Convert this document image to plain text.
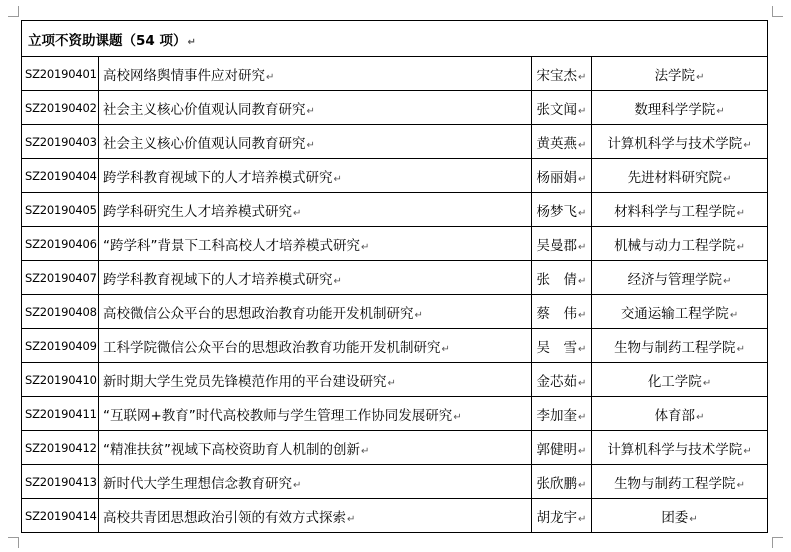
立项不资助课题（54 项）↵			
SZ20190401	高校网络舆情事件应对研究↵	宋宝杰↵	法学院↵
SZ20190402	社会主义核心价值观认同教育研究↵	张文闻↵	数理科学学院↵
SZ20190403	社会主义核心价值观认同教育研究↵	黄英燕↵	计算机科学与技术学院↵
SZ20190404	跨学科教育视域下的人才培养模式研究↵	杨丽娟↵	先进材料研究院↵
SZ20190405	跨学科研究生人才培养模式研究↵	杨梦飞↵	材料科学与工程学院↵
SZ20190406	“跨学科”背景下工科高校人才培养模式研究↵	吴曼郡↵	机械与动力工程学院↵
SZ20190407	跨学科教育视域下的人才培养模式研究↵	张　倩↵	经济与管理学院↵
SZ20190408	高校微信公众平台的思想政治教育功能开发机制研究↵	蔡　伟↵	交通运输工程学院↵
SZ20190409	工科学院微信公众平台的思想政治教育功能开发机制研究↵	吴　雪↵	生物与制药工程学院↵
SZ20190410	新时期大学生党员先锋模范作用的平台建设研究↵	金芯茹↵	化工学院↵
SZ20190411	“互联网+教育”时代高校教师与学生管理工作协同发展研究↵	李加奎↵	体育部↵
SZ20190412	“精准扶贫”视域下高校资助育人机制的创新↵	郭健明↵	计算机科学与技术学院↵
SZ20190413	新时代大学生理想信念教育研究↵	张欣鹏↵	生物与制药工程学院↵
SZ20190414	高校共青团思想政治引领的有效方式探索↵	胡龙宇↵	团委↵
